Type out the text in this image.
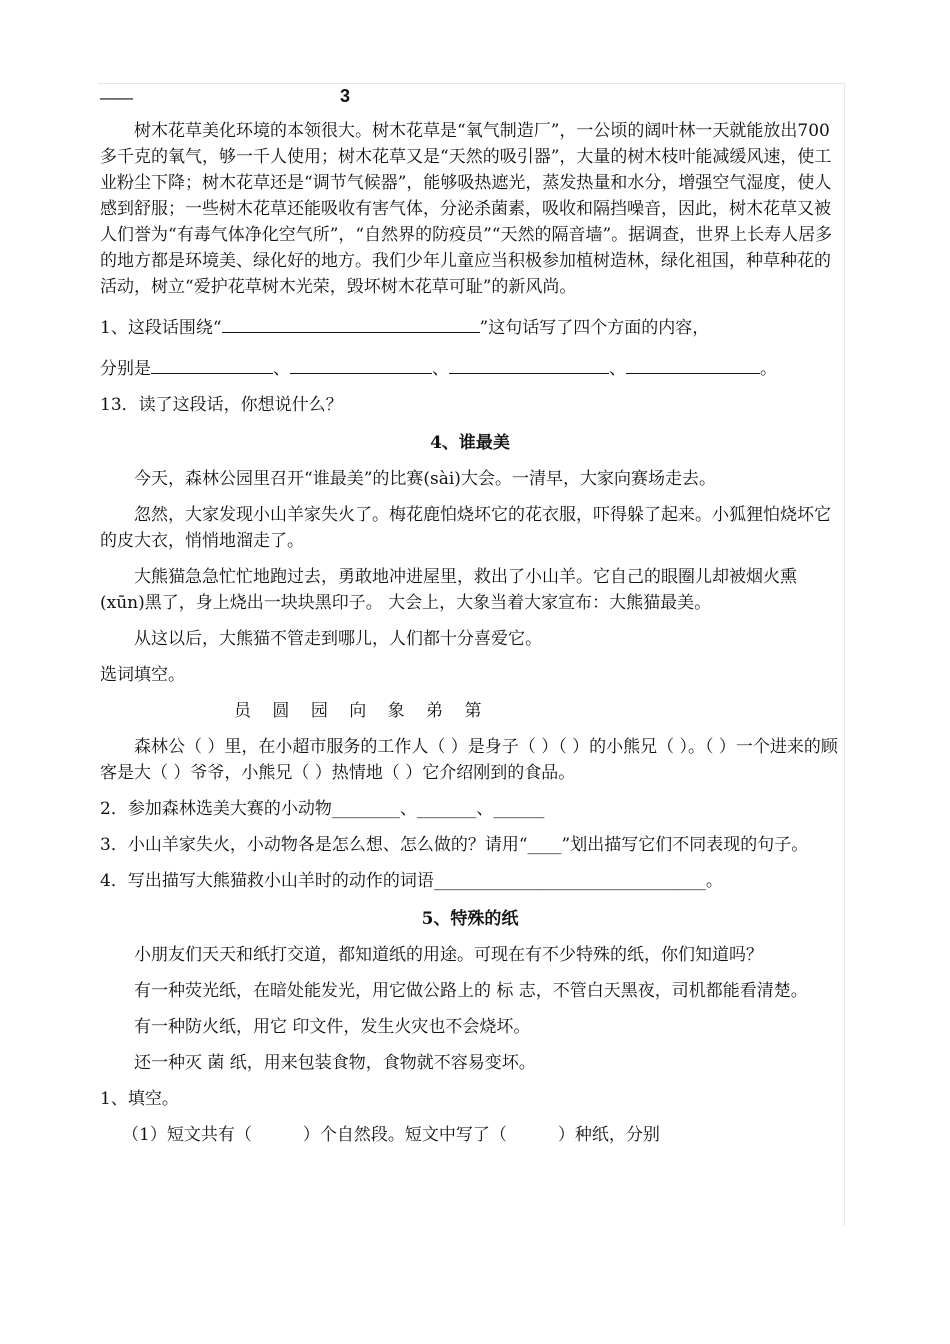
——	3

树木花草美化环境的本领很大。树木花草是“氧气制造厂”，一公顷的阔叶林一天就能放出700多千克的氧气，够一千人使用；树木花草又是“天然的吸引器”，大量的树木枝叶能减缓风速，使工业粉尘下降；树木花草还是“调节气候器”，能够吸热遮光，蒸发热量和水分，增强空气湿度，使人感到舒服；一些树木花草还能吸收有害气体，分泌杀菌素，吸收和隔挡噪音，因此，树木花草又被人们誉为“有毒气体净化空气所”，“自然界的防疫员”“天然的隔音墙”。据调查，世界上长寿人居多的地方都是环境美、绿化好的地方。我们少年儿童应当积极参加植树造林，绿化祖国，种草种花的活动，树立“爱护花草树木光荣，毁坏树木花草可耻”的新风尚。

1、这段话围绕“	”这句话写了四个方面的内容，

分别是	、	、	、	。

13．读了这段话，你想说什么？

4、谁最美

今天，森林公园里召开“谁最美”的比赛(sài)大会。一清早，大家向赛场走去。

忽然，大家发现小山羊家失火了。梅花鹿怕烧坏它的花衣服，吓得躲了起来。小狐狸怕烧坏它的皮大衣，悄悄地溜走了。

大熊猫急急忙忙地跑过去，勇敢地冲进屋里，救出了小山羊。它自己的眼圈儿却被烟火熏(xūn)黑了，身上烧出一块块黑印子。 大会上，大象当着大家宣布：大熊猫最美。

从这以后，大熊猫不管走到哪儿，人们都十分喜爱它。

选词填空。

员 圆 园 向 象 弟 第

森林公（ ）里，在小超市服务的工作人（ ）是身子（ ）（ ）的小熊兄（ ）。（ ）一个进来的顾客是大（ ）爷爷，小熊兄（ ）热情地（ ）它介绍刚到的食品。

2．参加森林选美大赛的小动物________、_______、______

3．小山羊家失火，小动物各是怎么想、怎么做的？请用“____”划出描写它们不同表现的句子。

4．写出描写大熊猫救小山羊时的动作的词语________________________________。

5、特殊的纸

小朋友们天天和纸打交道，都知道纸的用途。可现在有不少特殊的纸，你们知道吗？

有一种荧光纸，在暗处能发光，用它做公路上的 标 志，不管白天黑夜，司机都能看清楚。

有一种防火纸，用它 印文件，发生火灾也不会烧坏。

还一种灭 菌 纸，用来包装食物，食物就不容易变坏。

1、填空。

（1）短文共有（　　　）个自然段。短文中写了（　　　）种纸，分别
